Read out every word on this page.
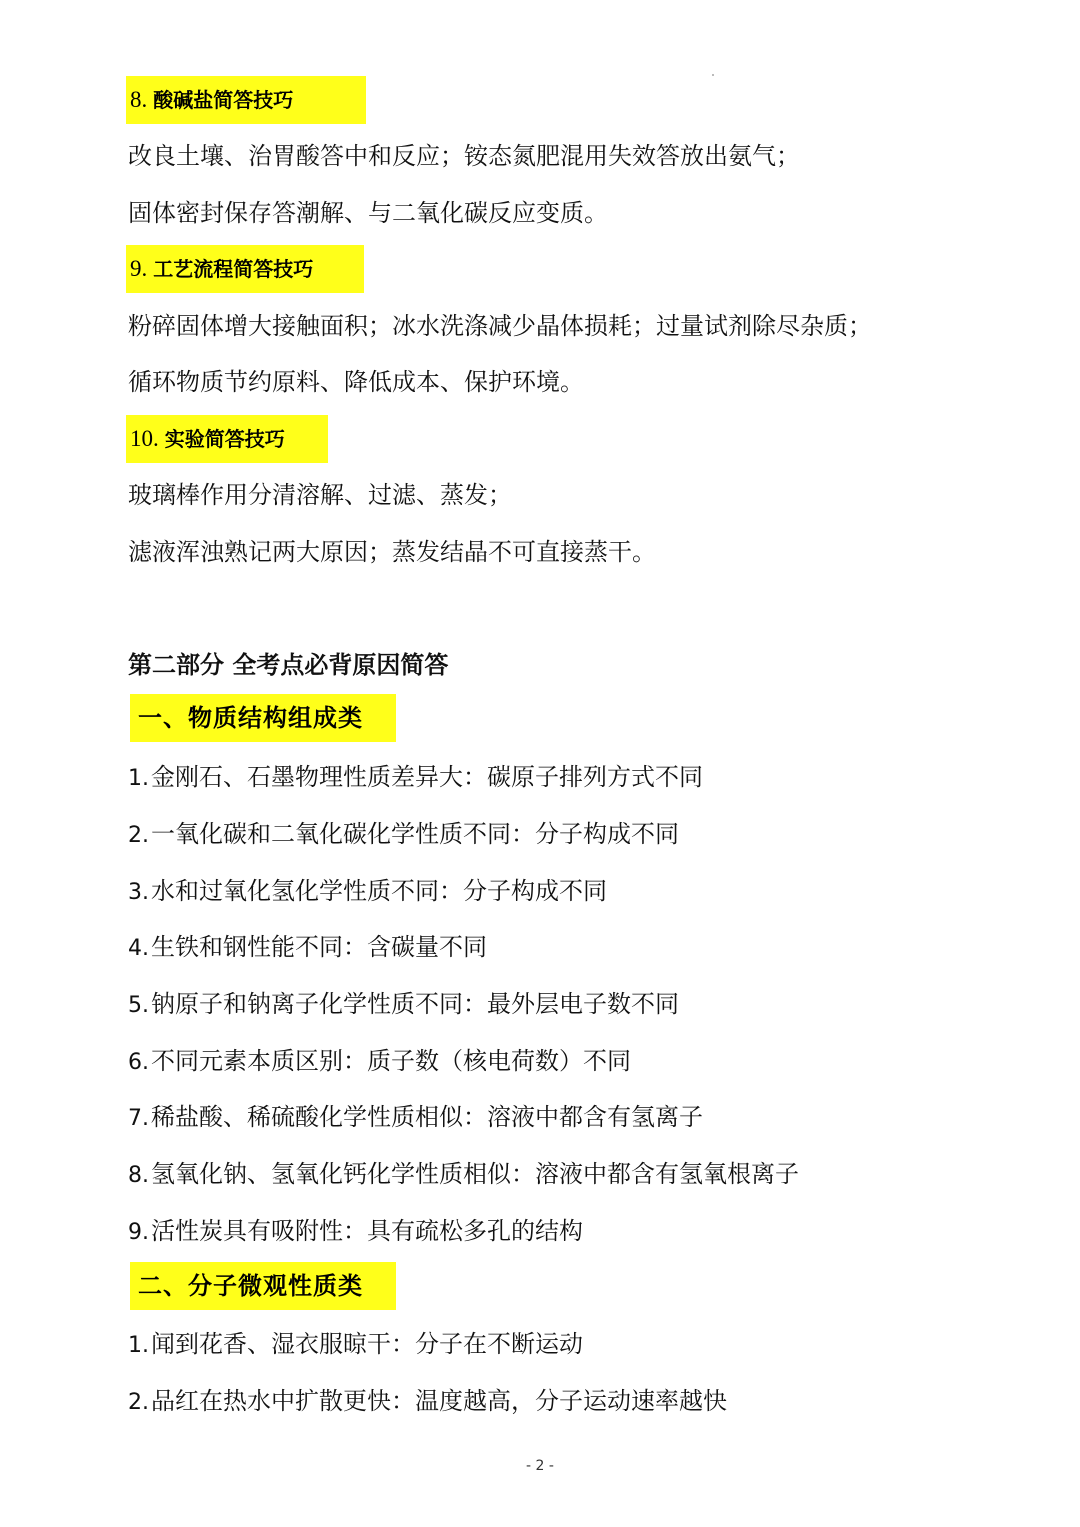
8. 酸碱盐简答技巧
改良土壤、治胃酸答中和反应；铵态氮肥混用失效答放出氨气；
固体密封保存答潮解、与二氧化碳反应变质。
9. 工艺流程简答技巧
粉碎固体增大接触面积；冰水洗涤减少晶体损耗；过量试剂除尽杂质；
循环物质节约原料、降低成本、保护环境。
10. 实验简答技巧
玻璃棒作用分清溶解、过滤、蒸发；
滤液浑浊熟记两大原因；蒸发结晶不可直接蒸干。
第二部分 全考点必背原因简答
一、物质结构组成类
1.金刚石、石墨物理性质差异大：碳原子排列方式不同
2.一氧化碳和二氧化碳化学性质不同：分子构成不同
3.水和过氧化氢化学性质不同：分子构成不同
4.生铁和钢性能不同：含碳量不同
5.钠原子和钠离子化学性质不同：最外层电子数不同
6.不同元素本质区别：质子数（核电荷数）不同
7.稀盐酸、稀硫酸化学性质相似：溶液中都含有氢离子
8.氢氧化钠、氢氧化钙化学性质相似：溶液中都含有氢氧根离子
9.活性炭具有吸附性：具有疏松多孔的结构
二、分子微观性质类
1.闻到花香、湿衣服晾干：分子在不断运动
2.品红在热水中扩散更快：温度越高，分子运动速率越快
- 2 -
